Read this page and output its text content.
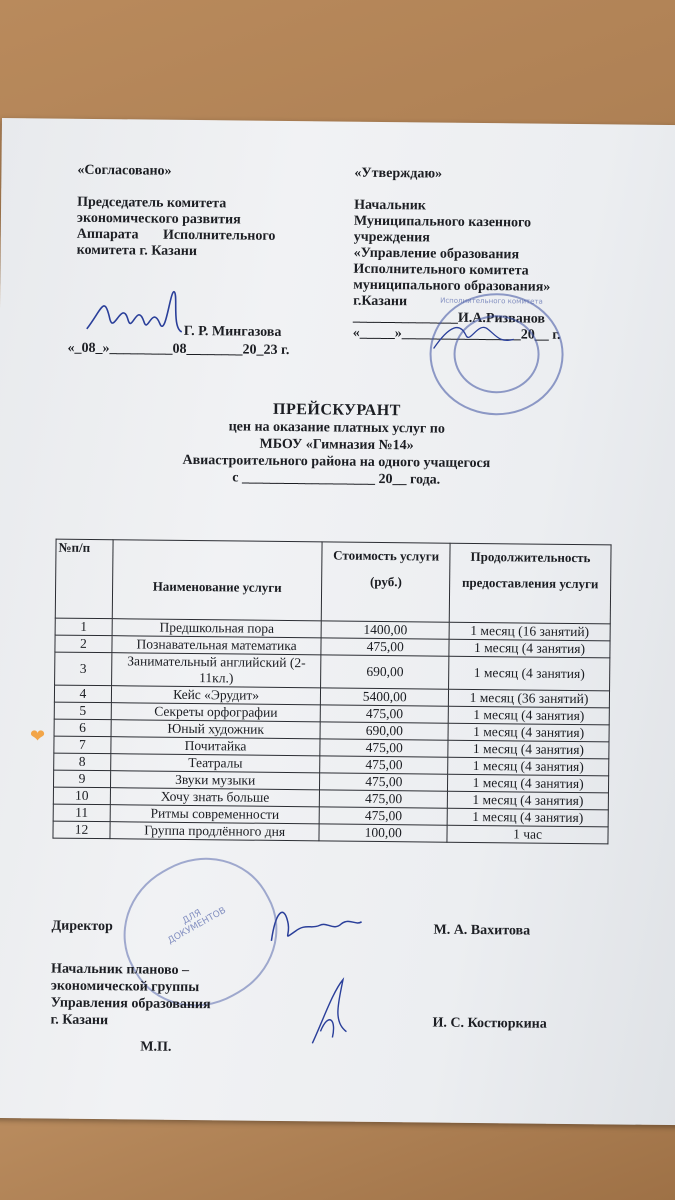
«Согласовано»
Председатель комитета
экономического развития
Аппарата       Исполнительного
комитета г. Казани
Г. Р. Мингазова
«_08_»_________08________20_23 г.
«Утверждаю»
Начальник
Муниципального казенного
учреждения
«Управление образования
Исполнительного комитета
муниципального образования»
г.Казани
_______________И.А.Ризванов
«_____»_________________20__ г.
Исполнительного комитета
ПРЕЙСКУРАНТ
цен на оказание платных услуг по
МБОУ «Гимназия №14»
Авиастроительного района на одного учащегося
с ___________________ 20__ года.
№п/п	Наименование услуги	Стоимость услуги (руб.)	Продолжительность предоставления услуги
1	Предшкольная пора	1400,00	1 месяц (16 занятий)
2	Познавательная математика	475,00	1 месяц (4 занятия)
3	Занимательный английский (2-11кл.)	690,00	1 месяц (4 занятия)
4	Кейс «Эрудит»	5400,00	1 месяц (36 занятий)
5	Секреты орфографии	475,00	1 месяц (4 занятия)
6	Юный художник	690,00	1 месяц (4 занятия)
7	Почитайка	475,00	1 месяц (4 занятия)
8	Театралы	475,00	1 месяц (4 занятия)
9	Звуки музыки	475,00	1 месяц (4 занятия)
10	Хочу знать больше	475,00	1 месяц (4 занятия)
11	Ритмы современности	475,00	1 месяц (4 занятия)
12	Группа продлённого дня	100,00	1 час
Директор	М. А. Вахитова
ДЛЯ ДОКУМЕНТОВ
Начальник планово –
экономической группы
Управления образования
г. Казани	И. С. Костюркина
М.П.
❤
